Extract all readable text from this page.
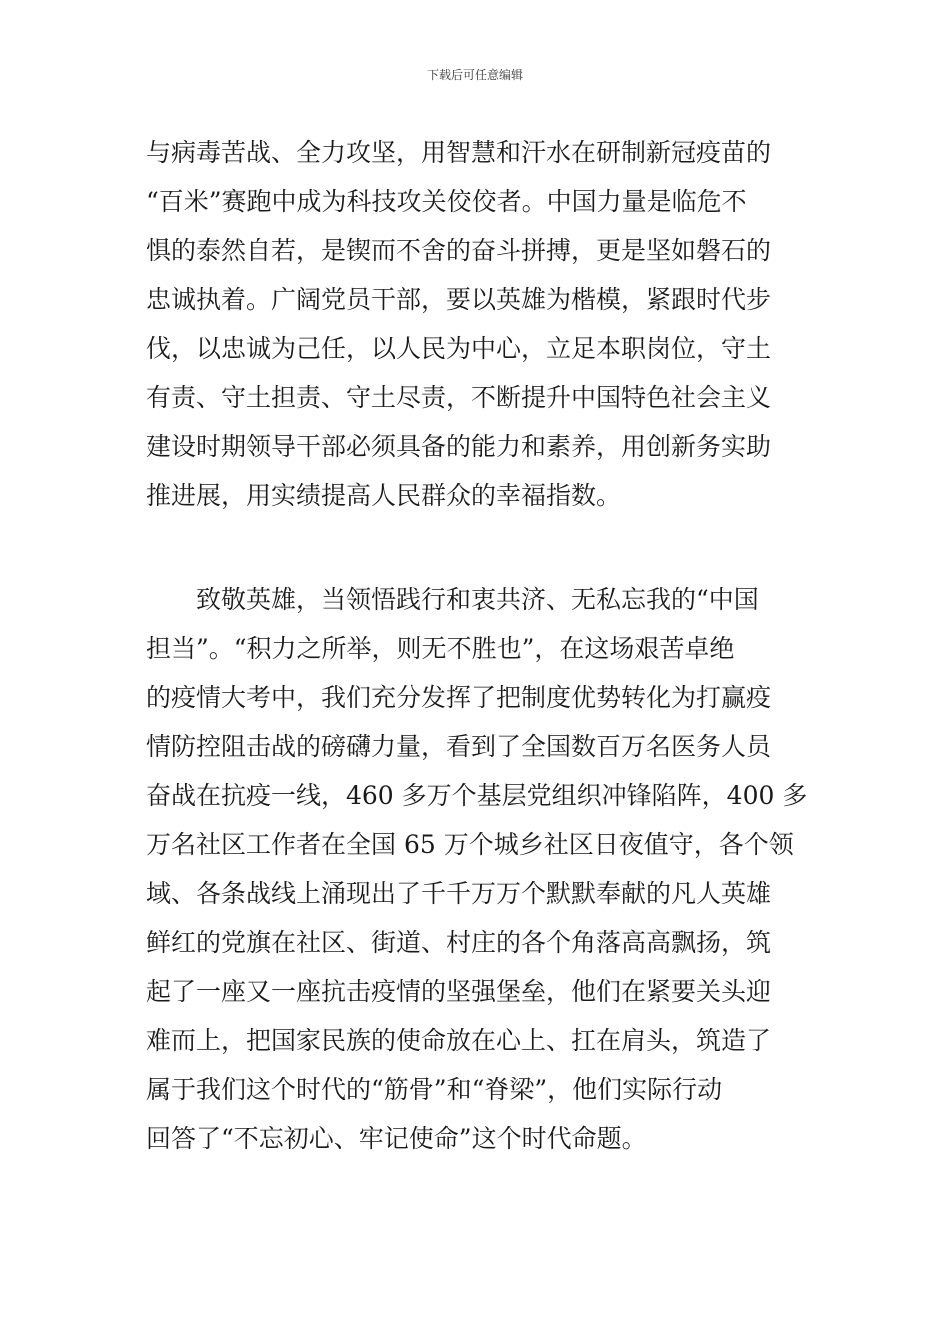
下载后可任意编辑
与病毒苦战、全力攻坚，用智慧和汗水在研制新冠疫苗的
“百米”赛跑中成为科技攻关佼佼者。中国力量是临危不
惧的泰然自若，是锲而不舍的奋斗拼搏，更是坚如磐石的
忠诚执着。广阔党员干部，要以英雄为楷模，紧跟时代步
伐，以忠诚为己任，以人民为中心，立足本职岗位，守土
有责、守土担责、守土尽责，不断提升中国特色社会主义
建设时期领导干部必须具备的能力和素养，用创新务实助
推进展，用实绩提高人民群众的幸福指数。
致敬英雄，当领悟践行和衷共济、无私忘我的“中国
担当”。“积力之所举，则无不胜也”，在这场艰苦卓绝
的疫情大考中，我们充分发挥了把制度优势转化为打赢疫
情防控阻击战的磅礴力量，看到了全国数百万名医务人员
奋战在抗疫一线，460 多万个基层党组织冲锋陷阵，400 多
万名社区工作者在全国 65 万个城乡社区日夜值守，各个领
域、各条战线上涌现出了千千万万个默默奉献的凡人英雄
鲜红的党旗在社区、街道、村庄的各个角落高高飘扬，筑
起了一座又一座抗击疫情的坚强堡垒，他们在紧要关头迎
难而上，把国家民族的使命放在心上、扛在肩头，筑造了
属于我们这个时代的“筋骨”和“脊梁”，他们实际行动
回答了“不忘初心、牢记使命”这个时代命题。
